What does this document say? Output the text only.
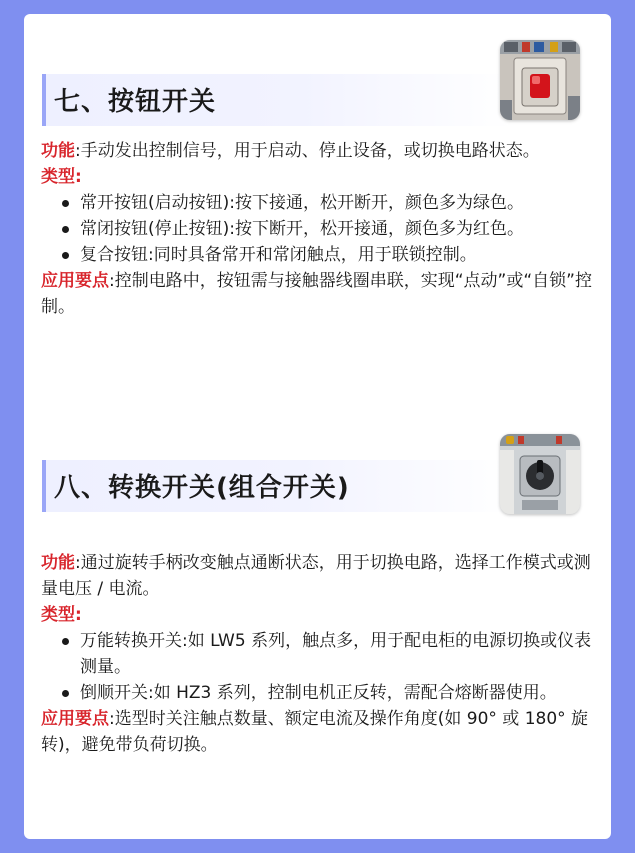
七、按钮开关

功能:手动发出控制信号，用于启动、停止设备，或切换电路状态。

类型:

常开按钮(启动按钮):按下接通，松开断开，颜色多为绿色。
常闭按钮(停止按钮):按下断开，松开接通，颜色多为红色。
复合按钮:同时具备常开和常闭触点，用于联锁控制。

应用要点:控制电路中，按钮需与接触器线圈串联，实现“点动”或“自锁”控制。

八、转换开关(组合开关)

功能:通过旋转手柄改变触点通断状态，用于切换电路，选择工作模式或测量电压 / 电流。

类型:

万能转换开关:如 LW5 系列，触点多，用于配电柜的电源切换或仪表测量。
倒顺开关:如 HZ3 系列，控制电机正反转，需配合熔断器使用。

应用要点:选型时关注触点数量、额定电流及操作角度(如 90° 或 180° 旋转)，避免带负荷切换。
